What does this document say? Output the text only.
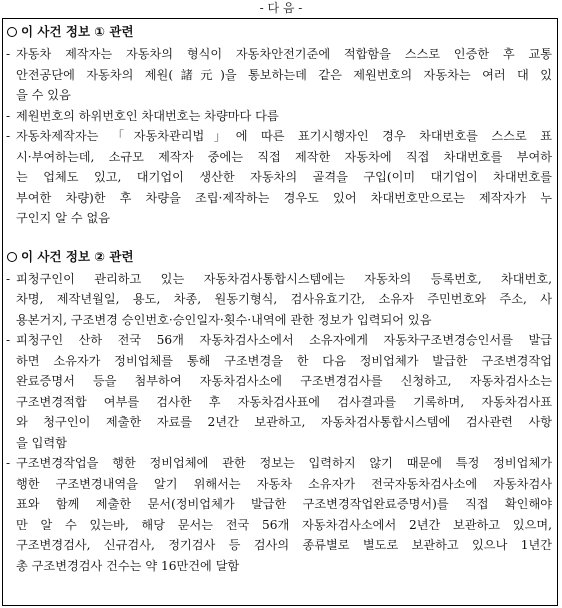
- 다 음 -
이 사건 정보 ① 관련
- 자동차 제작자는 자동차의 형식이 자동차안전기준에 적합함을 스스로 인증한 후 교통
안전공단에 자동차의 제원(諸元)을 통보하는데 같은 제원번호의 자동차는 여러 대 있
을 수 있음
- 제원번호의 하위번호인 차대번호는 차량마다 다름
- 자동차제작자는 「자동차관리법」에 따른 표기시행자인 경우 차대번호를 스스로 표
시·부여하는데, 소규모 제작자 중에는 직접 제작한 자동차에 직접 차대번호를 부여하
는 업체도 있고, 대기업이 생산한 자동차의 골격을 구입(이미 대기업이 차대번호를
부여한 차량)한 후 차량을 조립·제작하는 경우도 있어 차대번호만으로는 제작자가 누
구인지 알 수 없음
이 사건 정보 ② 관련
- 피청구인이 관리하고 있는 자동차검사통합시스템에는 자동차의 등록번호, 차대번호,
차명, 제작년월일, 용도, 차종, 원동기형식, 검사유효기간, 소유자 주민번호와 주소, 사
용본거지, 구조변경 승인번호·승인일자·횟수·내역에 관한 정보가 입력되어 있음
- 피청구인 산하 전국 56개 자동차검사소에서 소유자에게 자동차구조변경승인서를 발급
하면 소유자가 정비업체를 통해 구조변경을 한 다음 정비업체가 발급한 구조변경작업
완료증명서 등을 첨부하여 자동차검사소에 구조변경검사를 신청하고, 자동차검사소는
구조변경적합 여부를 검사한 후 자동차검사표에 검사결과를 기록하며, 자동차검사표
와 청구인이 제출한 자료를 2년간 보관하고, 자동차검사통합시스템에 검사관련 사항
을 입력함
- 구조변경작업을 행한 정비업체에 관한 정보는 입력하지 않기 때문에 특정 정비업체가
행한 구조변경내역을 알기 위해서는 자동차 소유자가 전국자동차검사소에 자동차검사
표와 함께 제출한 문서(정비업체가 발급한 구조변경작업완료증명서)를 직접 확인해야
만 알 수 있는바, 해당 문서는 전국 56개 자동차검사소에서 2년간 보관하고 있으며,
구조변경검사, 신규검사, 정기검사 등 검사의 종류별로 별도로 보관하고 있으나 1년간
총 구조변경검사 건수는 약 16만건에 달함
